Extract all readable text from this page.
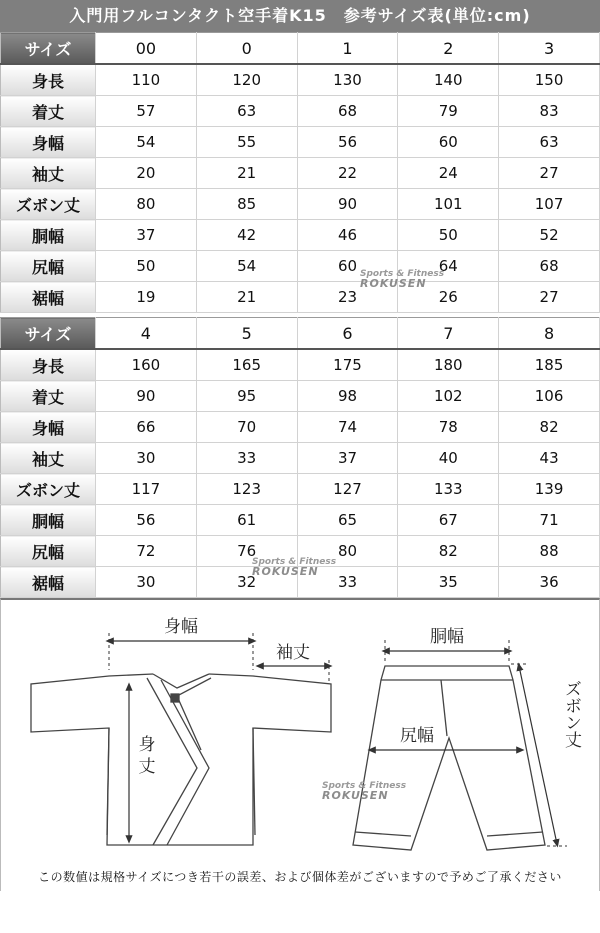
入門用フルコンタクト空手着K15　参考サイズ表(単位:cm)
サイズ	00	0	1	2	3
身長	110	120	130	140	150
着丈	57	63	68	79	83
身幅	54	55	56	60	63
袖丈	20	21	22	24	27
ズボン丈	80	85	90	101	107
胴幅	37	42	46	50	52
尻幅	50	54	60	64	68
裾幅	19	21	23	26	27
サイズ	4	5	6	7	8
身長	160	165	175	180	185
着丈	90	95	98	102	106
身幅	66	70	74	78	82
袖丈	30	33	37	40	43
ズボン丈	117	123	127	133	139
胴幅	56	61	65	67	71
尻幅	72	76	80	82	88
裾幅	30	32	33	35	36
身幅
袖丈
身
丈
胴幅
尻幅	ズボン丈
この数値は規格サイズにつき若干の誤差、および個体差がございますので予めご了承ください
Sports & Fitness
ROKUSEN
Sports & Fitness
ROKUSEN
Sports & Fitness
ROKUSEN
